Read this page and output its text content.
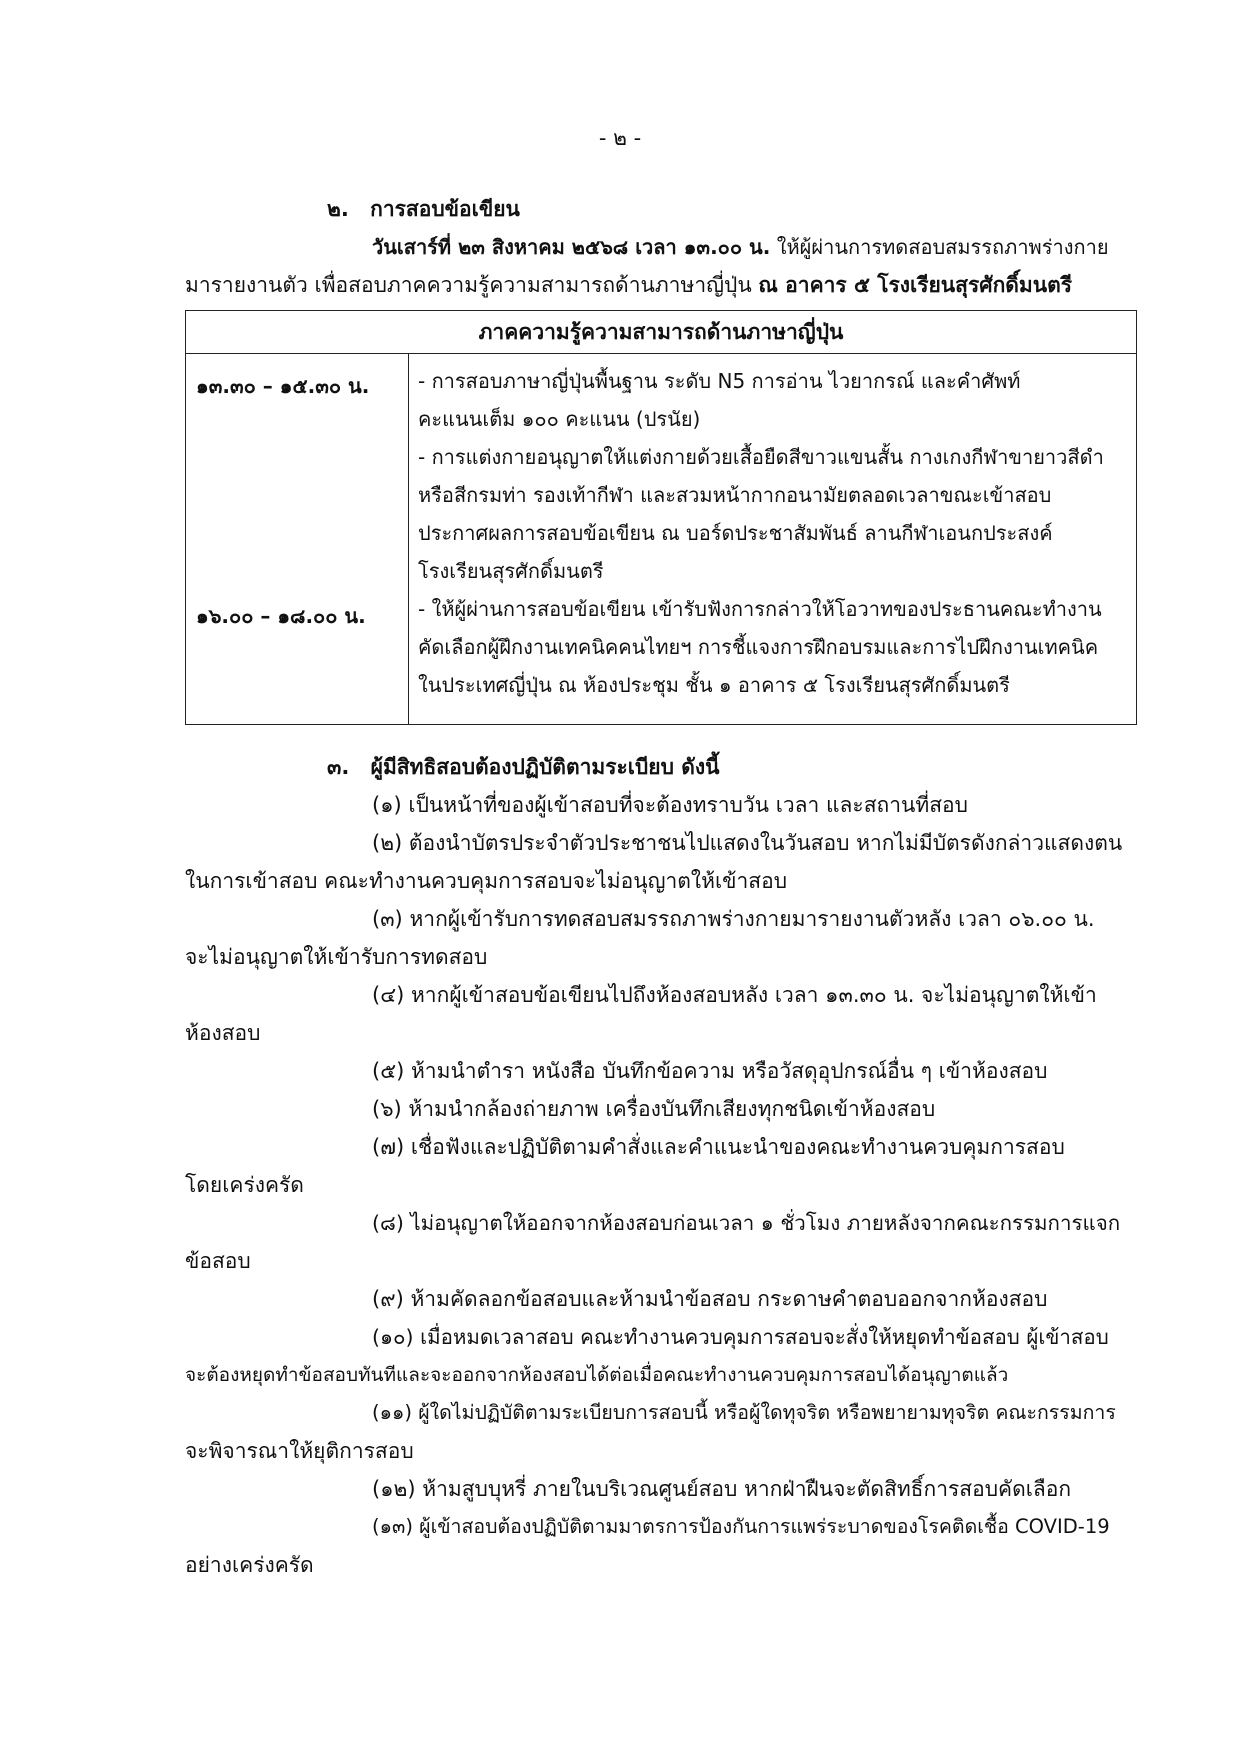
- ๒ -
๒. การสอบข้อเขียน
วันเสาร์ที่ ๒๓ สิงหาคม ๒๕๖๘ เวลา ๑๓.๐๐ น. ให้ผู้ผ่านการทดสอบสมรรถภาพร่างกาย
มารายงานตัว เพื่อสอบภาคความรู้ความสามารถด้านภาษาญี่ปุ่น ณ อาคาร ๕ โรงเรียนสุรศักดิ์มนตรี
ภาคความรู้ความสามารถด้านภาษาญี่ปุ่น
๑๓.๓๐ – ๑๕.๓๐ น.
๑๖.๐๐ – ๑๘.๐๐ น.
- การสอบภาษาญี่ปุ่นพื้นฐาน ระดับ N5 การอ่าน ไวยากรณ์ และคำศัพท์
คะแนนเต็ม ๑๐๐ คะแนน (ปรนัย)
- การแต่งกายอนุญาตให้แต่งกายด้วยเสื้อยืดสีขาวแขนสั้น กางเกงกีฬาขายาวสีดำ
หรือสีกรมท่า รองเท้ากีฬา และสวมหน้ากากอนามัยตลอดเวลาขณะเข้าสอบ
ประกาศผลการสอบข้อเขียน ณ บอร์ดประชาสัมพันธ์ ลานกีฬาเอนกประสงค์
โรงเรียนสุรศักดิ์มนตรี
- ให้ผู้ผ่านการสอบข้อเขียน เข้ารับฟังการกล่าวให้โอวาทของประธานคณะทำงาน
คัดเลือกผู้ฝึกงานเทคนิคคนไทยฯ การชี้แจงการฝึกอบรมและการไปฝึกงานเทคนิค
ในประเทศญี่ปุ่น ณ ห้องประชุม ชั้น ๑ อาคาร ๕ โรงเรียนสุรศักดิ์มนตรี
๓. ผู้มีสิทธิสอบต้องปฏิบัติตามระเบียบ ดังนี้
(๑) เป็นหน้าที่ของผู้เข้าสอบที่จะต้องทราบวัน เวลา และสถานที่สอบ
(๒) ต้องนำบัตรประจำตัวประชาชนไปแสดงในวันสอบ หากไม่มีบัตรดังกล่าวแสดงตน
ในการเข้าสอบ คณะทำงานควบคุมการสอบจะไม่อนุญาตให้เข้าสอบ
(๓) หากผู้เข้ารับการทดสอบสมรรถภาพร่างกายมารายงานตัวหลัง เวลา ๐๖.๐๐ น.
จะไม่อนุญาตให้เข้ารับการทดสอบ
(๔) หากผู้เข้าสอบข้อเขียนไปถึงห้องสอบหลัง เวลา ๑๓.๓๐ น. จะไม่อนุญาตให้เข้า
ห้องสอบ
(๕) ห้ามนำตำรา หนังสือ บันทึกข้อความ หรือวัสดุอุปกรณ์อื่น ๆ เข้าห้องสอบ
(๖) ห้ามนำกล้องถ่ายภาพ เครื่องบันทึกเสียงทุกชนิดเข้าห้องสอบ
(๗) เชื่อฟังและปฏิบัติตามคำสั่งและคำแนะนำของคณะทำงานควบคุมการสอบ
โดยเคร่งครัด
(๘) ไม่อนุญาตให้ออกจากห้องสอบก่อนเวลา ๑ ชั่วโมง ภายหลังจากคณะกรรมการแจก
ข้อสอบ
(๙) ห้ามคัดลอกข้อสอบและห้ามนำข้อสอบ กระดาษคำตอบออกจากห้องสอบ
(๑๐) เมื่อหมดเวลาสอบ คณะทำงานควบคุมการสอบจะสั่งให้หยุดทำข้อสอบ ผู้เข้าสอบ
จะต้องหยุดทำข้อสอบทันทีและจะออกจากห้องสอบได้ต่อเมื่อคณะทำงานควบคุมการสอบได้อนุญาตแล้ว
(๑๑) ผู้ใดไม่ปฏิบัติตามระเบียบการสอบนี้ หรือผู้ใดทุจริต หรือพยายามทุจริต คณะกรรมการ
จะพิจารณาให้ยุติการสอบ
(๑๒) ห้ามสูบบุหรี่ ภายในบริเวณศูนย์สอบ หากฝ่าฝืนจะตัดสิทธิ์การสอบคัดเลือก
(๑๓) ผู้เข้าสอบต้องปฏิบัติตามมาตรการป้องกันการแพร่ระบาดของโรคติดเชื้อ COVID-19
อย่างเคร่งครัด
